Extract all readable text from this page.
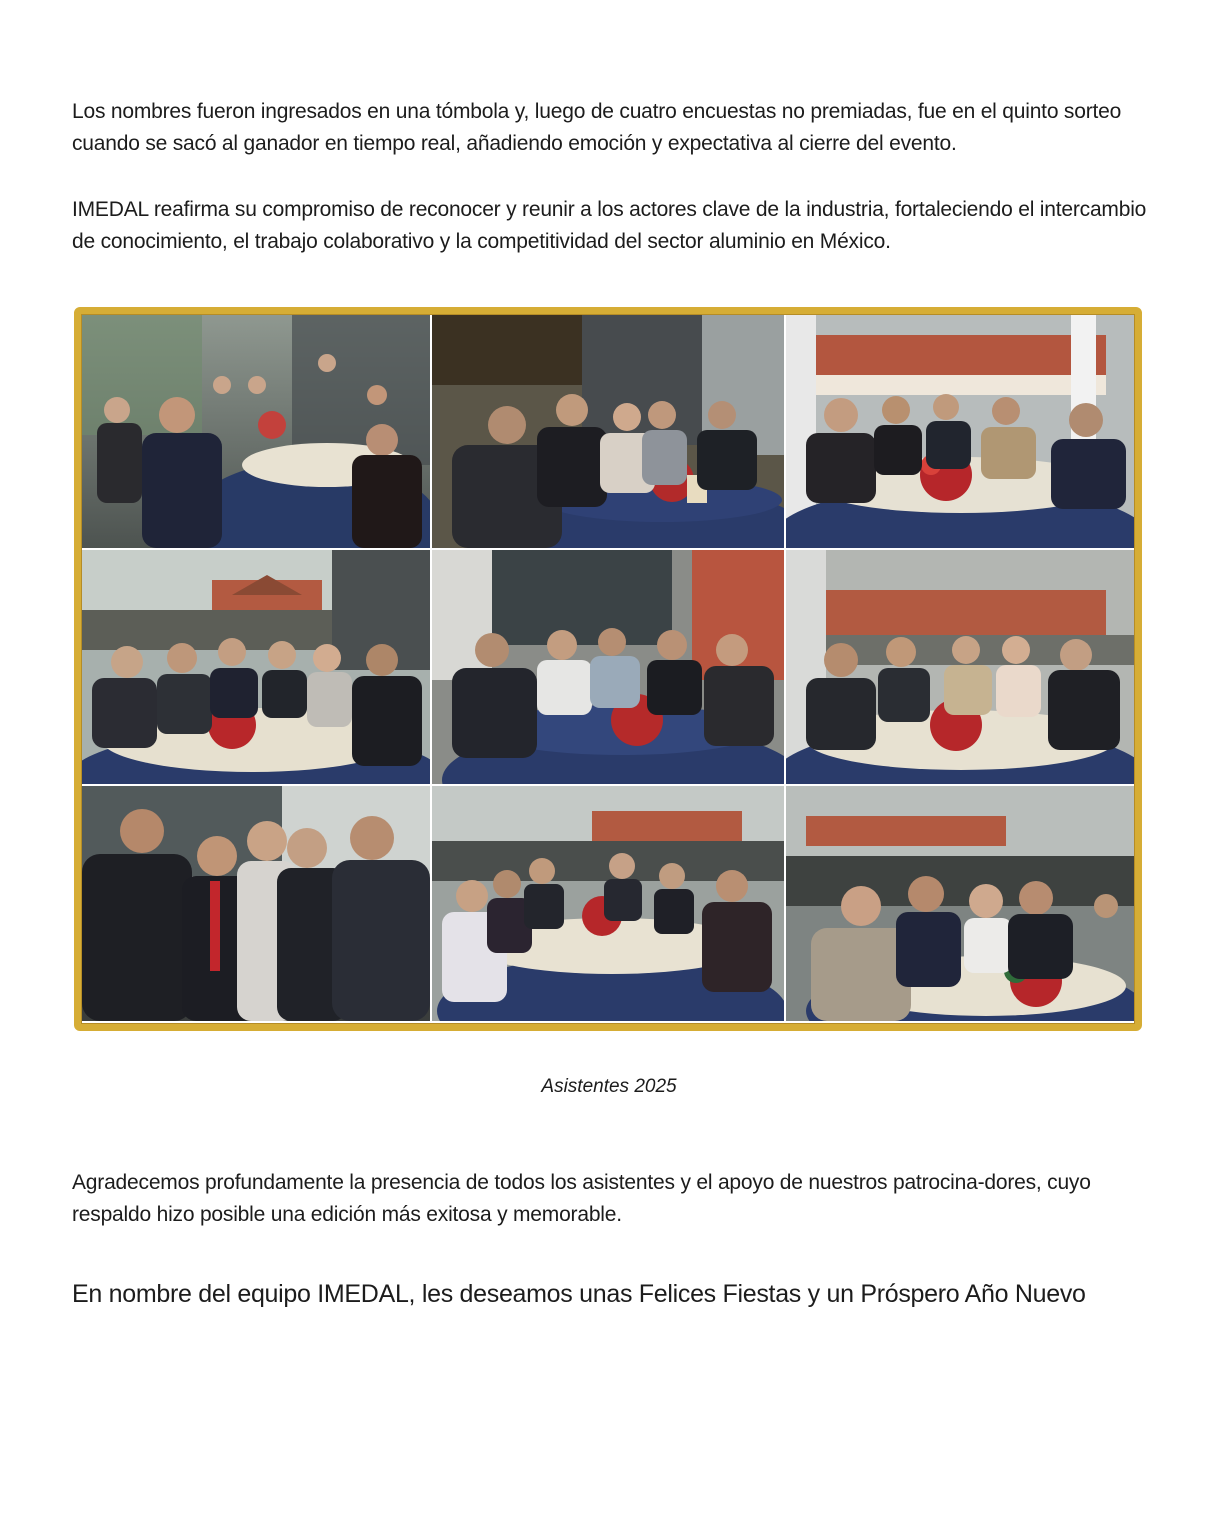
Los nombres fueron ingresados en una tómbola y, luego de cuatro encuestas no premiadas, fue en el quinto sorteo cuando se sacó al ganador en tiempo real, añadiendo emoción y expectativa al cierre del evento.

IMEDAL reafirma su compromiso de reconocer y reunir a los actores clave de la industria, fortaleciendo el intercambio de conocimiento, el trabajo colaborativo y la competitividad del sector aluminio en México.

Asistentes 2025

Agradecemos profundamente la presencia de todos los asistentes y el apoyo de nuestros patrocina-dores, cuyo respaldo hizo posible una edición más exitosa y memorable.

En nombre del equipo IMEDAL, les deseamos unas Felices Fiestas y un Próspero Año Nuevo
